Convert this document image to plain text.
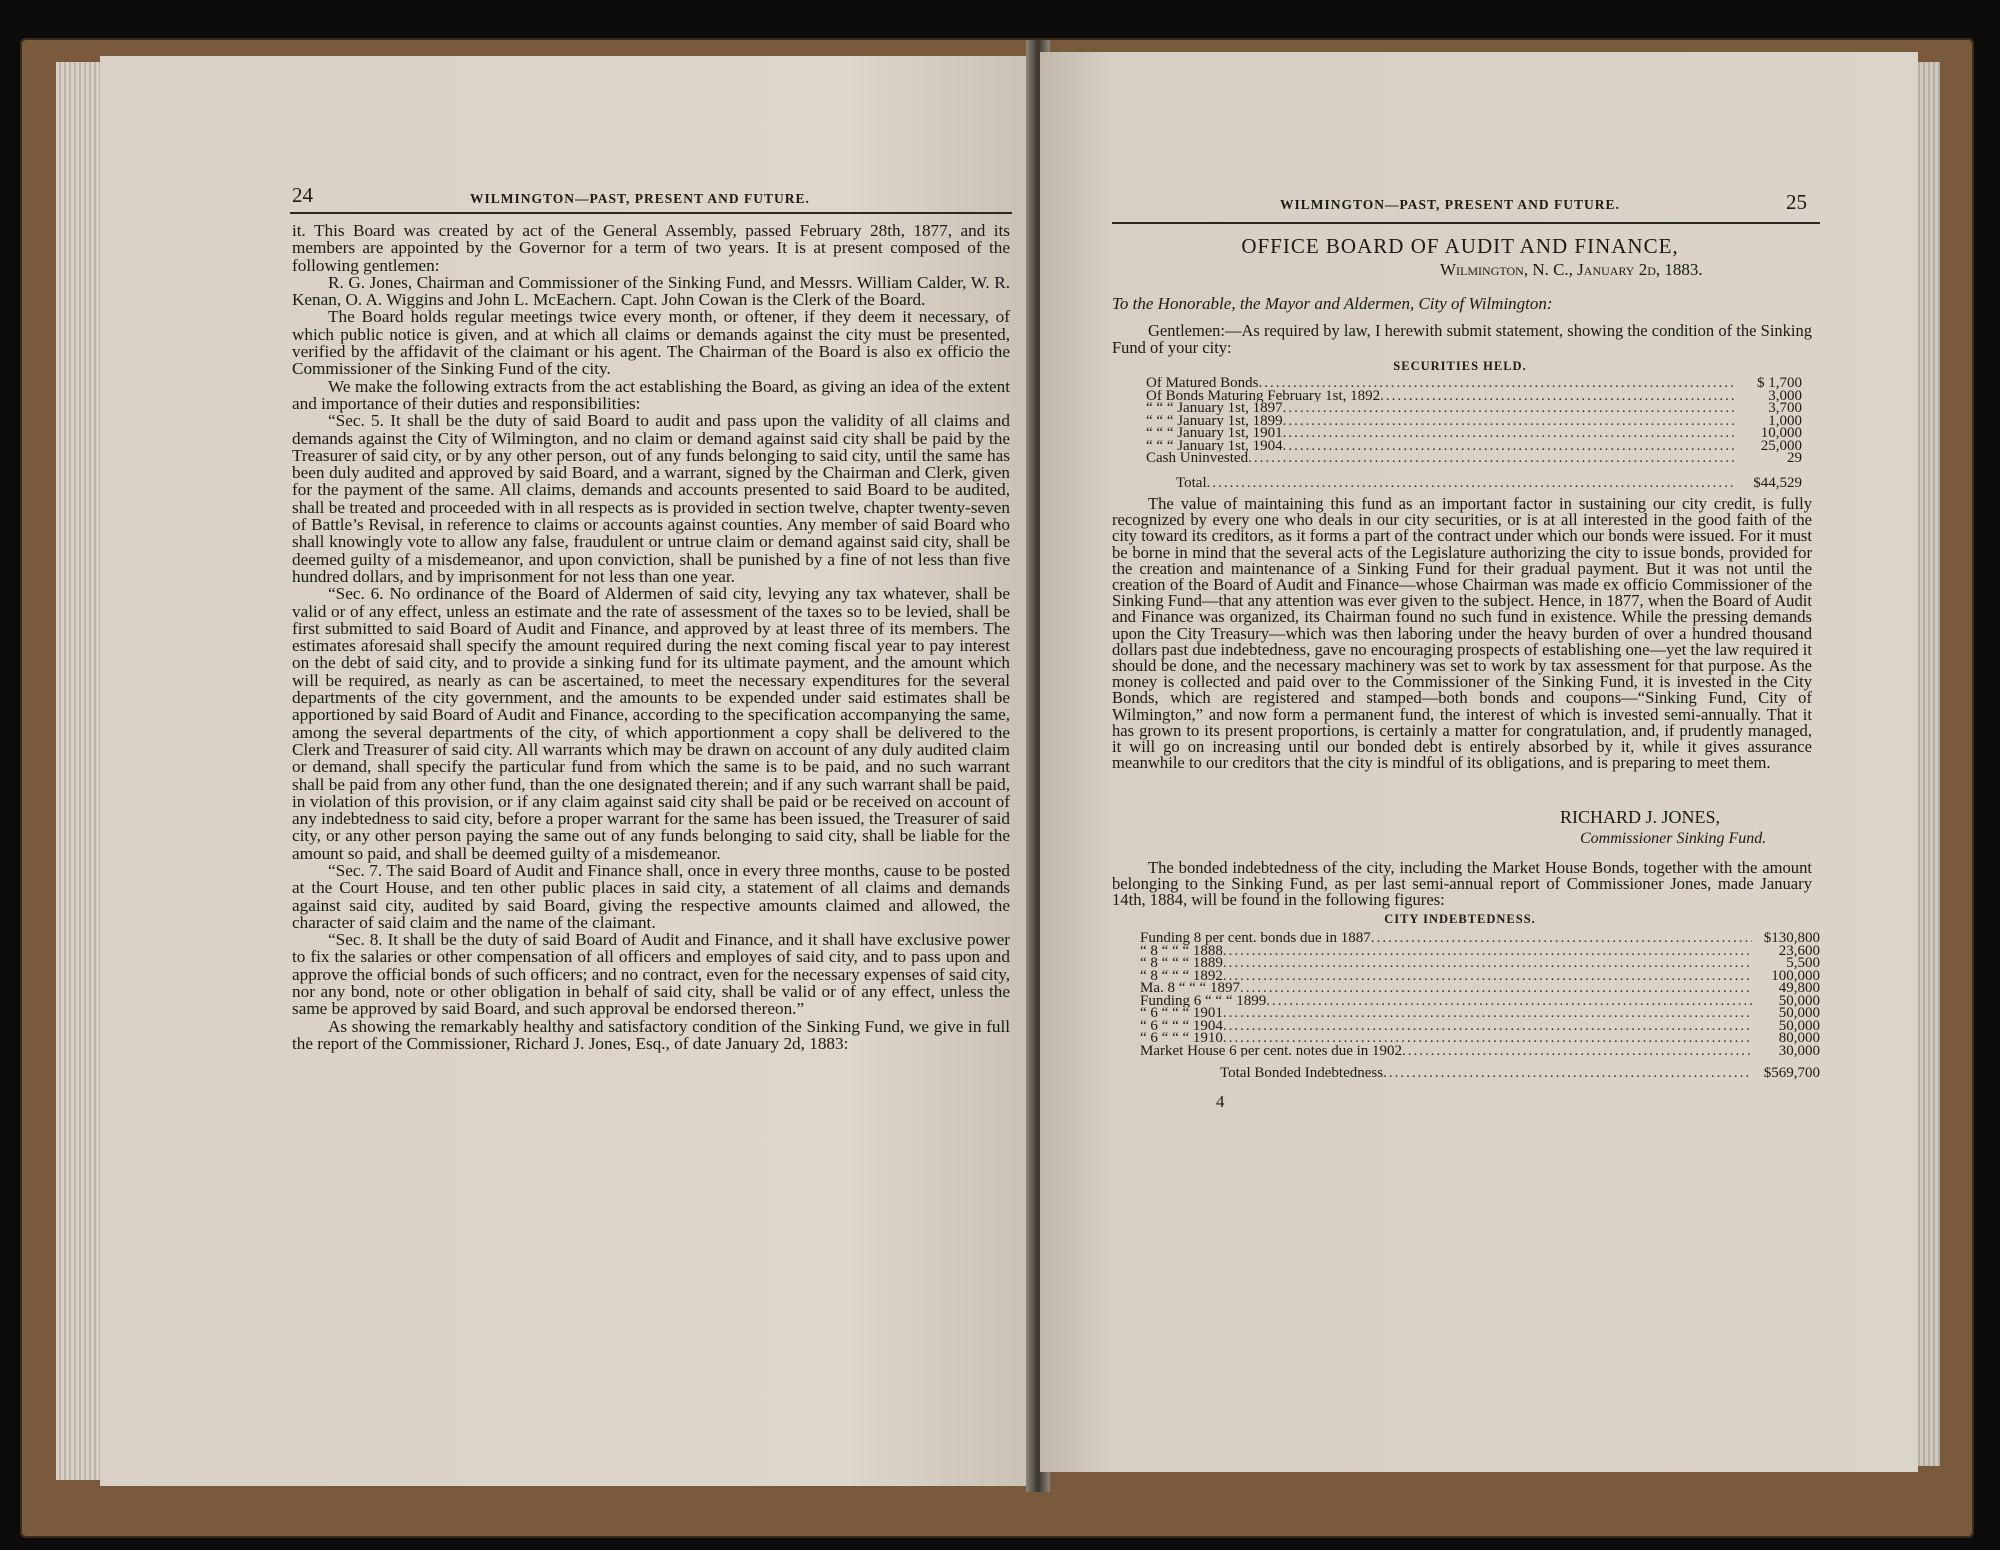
24	WILMINGTON—PAST, PRESENT AND FUTURE.

it. This Board was created by act of the General Assembly, passed February 28th, 1877, and its members are appointed by the Governor for a term of two years. It is at present composed of the following gentlemen:

R. G. Jones, Chairman and Commissioner of the Sinking Fund, and Messrs. William Calder, W. R. Kenan, O. A. Wiggins and John L. McEachern. Capt. John Cowan is the Clerk of the Board.

The Board holds regular meetings twice every month, or oftener, if they deem it necessary, of which public notice is given, and at which all claims or demands against the city must be presented, verified by the affidavit of the claimant or his agent. The Chairman of the Board is also ex officio the Commissioner of the Sinking Fund of the city.

We make the following extracts from the act establishing the Board, as giving an idea of the extent and importance of their duties and responsibilities:

“Sec. 5. It shall be the duty of said Board to audit and pass upon the validity of all claims and demands against the City of Wilmington, and no claim or demand against said city shall be paid by the Treasurer of said city, or by any other person, out of any funds belonging to said city, until the same has been duly audited and approved by said Board, and a warrant, signed by the Chairman and Clerk, given for the payment of the same. All claims, demands and accounts presented to said Board to be audited, shall be treated and proceeded with in all respects as is provided in section twelve, chapter twenty-seven of Battle’s Revisal, in reference to claims or accounts against counties. Any member of said Board who shall knowingly vote to allow any false, fraudulent or untrue claim or demand against said city, shall be deemed guilty of a misdemeanor, and upon conviction, shall be punished by a fine of not less than five hundred dollars, and by imprisonment for not less than one year.

“Sec. 6. No ordinance of the Board of Aldermen of said city, levying any tax whatever, shall be valid or of any effect, unless an estimate and the rate of assessment of the taxes so to be levied, shall be first submitted to said Board of Audit and Finance, and approved by at least three of its members. The estimates aforesaid shall specify the amount required during the next coming fiscal year to pay interest on the debt of said city, and to provide a sinking fund for its ultimate payment, and the amount which will be required, as nearly as can be ascertained, to meet the necessary expenditures for the several departments of the city government, and the amounts to be expended under said estimates shall be apportioned by said Board of Audit and Finance, according to the specification accompanying the same, among the several departments of the city, of which apportionment a copy shall be delivered to the Clerk and Treasurer of said city. All warrants which may be drawn on account of any duly audited claim or demand, shall specify the particular fund from which the same is to be paid, and no such warrant shall be paid from any other fund, than the one designated therein; and if any such warrant shall be paid, in violation of this provision, or if any claim against said city shall be paid or be received on account of any indebtedness to said city, before a proper warrant for the same has been issued, the Treasurer of said city, or any other person paying the same out of any funds belonging to said city, shall be liable for the amount so paid, and shall be deemed guilty of a misdemeanor.

“Sec. 7. The said Board of Audit and Finance shall, once in every three months, cause to be posted at the Court House, and ten other public places in said city, a statement of all claims and demands against said city, audited by said Board, giving the respective amounts claimed and allowed, the character of said claim and the name of the claimant.

“Sec. 8. It shall be the duty of said Board of Audit and Finance, and it shall have exclusive power to fix the salaries or other compensation of all officers and employes of said city, and to pass upon and approve the official bonds of such officers; and no contract, even for the necessary expenses of said city, nor any bond, note or other obligation in behalf of said city, shall be valid or of any effect, unless the same be approved by said Board, and such approval be endorsed thereon.”

As showing the remarkably healthy and satisfactory condition of the Sinking Fund, we give in full the report of the Commissioner, Richard J. Jones, Esq., of date January 2d, 1883:

WILMINGTON—PAST, PRESENT AND FUTURE.	25
OFFICE BOARD OF AUDIT AND FINANCE,
Wilmington, N. C., January 2d, 1883.
To the Honorable, the Mayor and Aldermen, City of Wilmington:
Gentlemen:—As required by law, I herewith submit statement, showing the condition of the Sinking Fund of your city:
SECURITIES HELD.
Of Matured Bonds .....	$ 1,700
Of Bonds Maturing February 1st, 1892 .....	3,000
“ “ “ January 1st, 1897 .....	3,700
“ “ “ January 1st, 1899 .....	1,000
“ “ “ January 1st, 1901 .....	10,000
“ “ “ January 1st, 1904 .....	25,000
Cash Uninvested .....	29
Total .....	$44,529
The value of maintaining this fund as an important factor in sustaining our city credit, is fully recognized by every one who deals in our city securities, or is at all interested in the good faith of the city toward its creditors, as it forms a part of the contract under which our bonds were issued. For it must be borne in mind that the several acts of the Legislature authorizing the city to issue bonds, provided for the creation and maintenance of a Sinking Fund for their gradual payment. But it was not until the creation of the Board of Audit and Finance—whose Chairman was made ex officio Commissioner of the Sinking Fund—that any attention was ever given to the subject. Hence, in 1877, when the Board of Audit and Finance was organized, its Chairman found no such fund in existence. While the pressing demands upon the City Treasury—which was then laboring under the heavy burden of over a hundred thousand dollars past due indebtedness, gave no encouraging prospects of establishing one—yet the law required it should be done, and the necessary machinery was set to work by tax assessment for that purpose. As the money is collected and paid over to the Commissioner of the Sinking Fund, it is invested in the City Bonds, which are registered and stamped—both bonds and coupons—“Sinking Fund, City of Wilmington,” and now form a permanent fund, the interest of which is invested semi-annually. That it has grown to its present proportions, is certainly a matter for congratulation, and, if prudently managed, it will go on increasing until our bonded debt is entirely absorbed by it, while it gives assurance meanwhile to our creditors that the city is mindful of its obligations, and is preparing to meet them.
RICHARD J. JONES,
Commissioner Sinking Fund.
The bonded indebtedness of the city, including the Market House Bonds, together with the amount belonging to the Sinking Fund, as per last semi-annual report of Commissioner Jones, made January 14th, 1884, will be found in the following figures:
CITY INDEBTEDNESS.
Funding 8 per cent. bonds due in 1887 .....	$130,800
“ 8 “ “ “ 1888 .....	23,600
“ 8 “ “ “ 1889 .....	5,500
“ 8 “ “ “ 1892 .....	100,000
Ma. 8 “ “ “ 1897 .....	49,800
Funding 6 “ “ “ 1899 .....	50,000
“ 6 “ “ “ 1901 .....	50,000
“ 6 “ “ “ 1904 .....	50,000
“ 6 “ “ “ 1910 .....	80,000
Market House 6 per cent. notes due in 1902 .....	30,000
Total Bonded Indebtedness .....	$569,700
4
